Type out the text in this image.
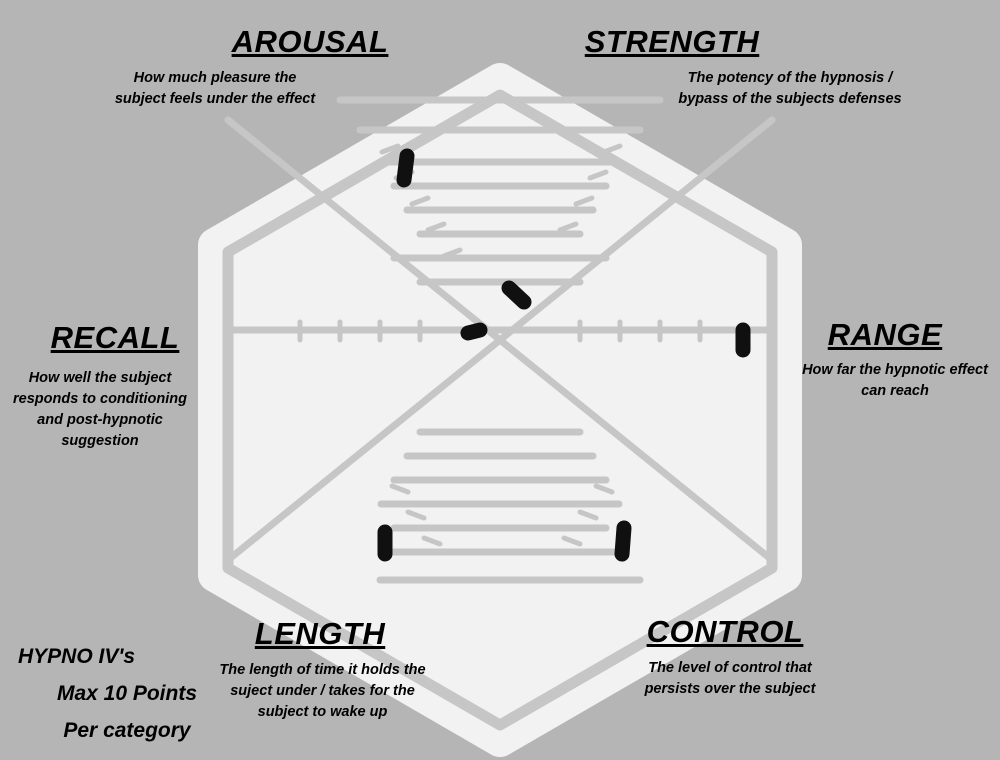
AROUSAL
How much pleasure the subject feels under the effect
STRENGTH
The potency of the hypnosis / bypass of the subjects defenses
RANGE
How far the hypnotic effect can reach
CONTROL
The level of control that persists over the subject
LENGTH
The length of time it holds the suject under / takes for the subject to wake up
RECALL
How well the subject responds to conditioning and post-hypnotic suggestion
HYPNO IV's
Max 10 Points
Per category
